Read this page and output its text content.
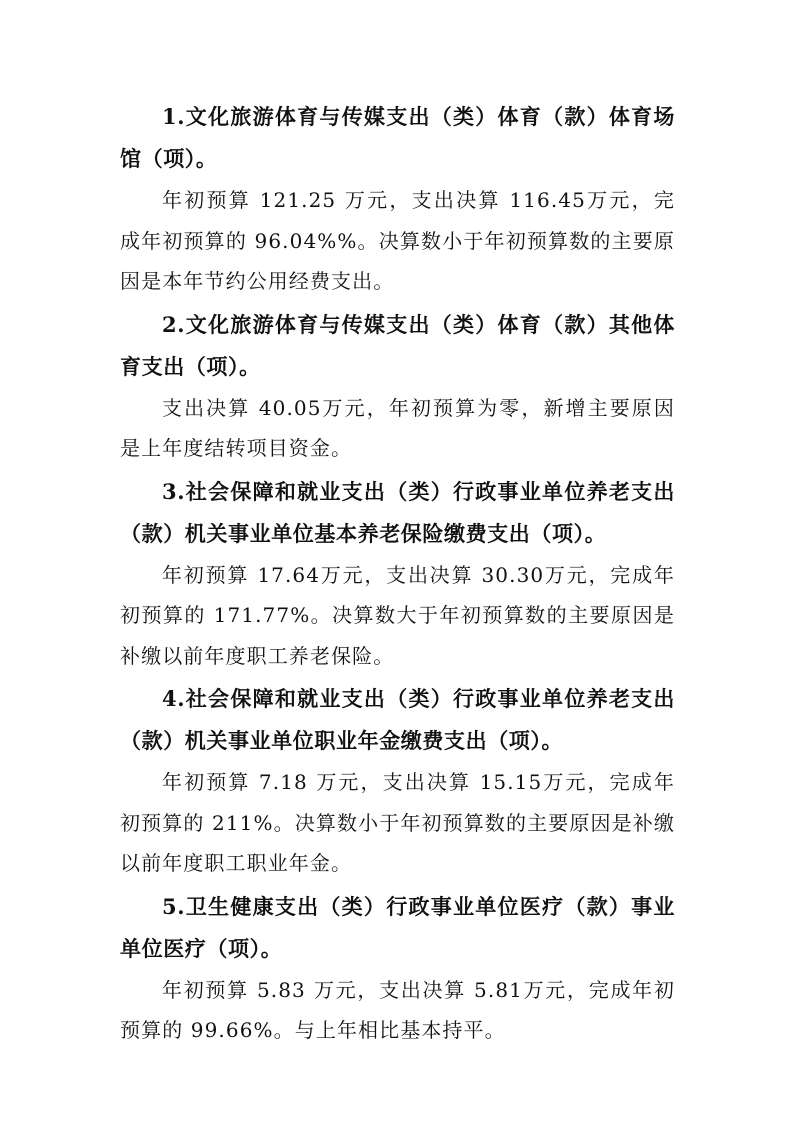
1.文化旅游体育与传媒支出（类）体育（款）体育场馆（项）。

年初预算 121.25 万元，支出决算 116.45万元，完成年初预算的 96.04%%。决算数小于年初预算数的主要原因是本年节约公用经费支出。

2.文化旅游体育与传媒支出（类）体育（款）其他体育支出（项）。

支出决算 40.05万元，年初预算为零，新增主要原因是上年度结转项目资金。

3.社会保障和就业支出（类）行政事业单位养老支出（款）机关事业单位基本养老保险缴费支出（项）。

年初预算 17.64万元，支出决算 30.30万元，完成年初预算的 171.77%。决算数大于年初预算数的主要原因是补缴以前年度职工养老保险。

4.社会保障和就业支出（类）行政事业单位养老支出（款）机关事业单位职业年金缴费支出（项）。

年初预算 7.18 万元，支出决算 15.15万元，完成年初预算的 211%。决算数小于年初预算数的主要原因是补缴以前年度职工职业年金。

5.卫生健康支出（类）行政事业单位医疗（款）事业单位医疗（项）。

年初预算 5.83 万元，支出决算 5.81万元，完成年初预算的 99.66%。与上年相比基本持平。
